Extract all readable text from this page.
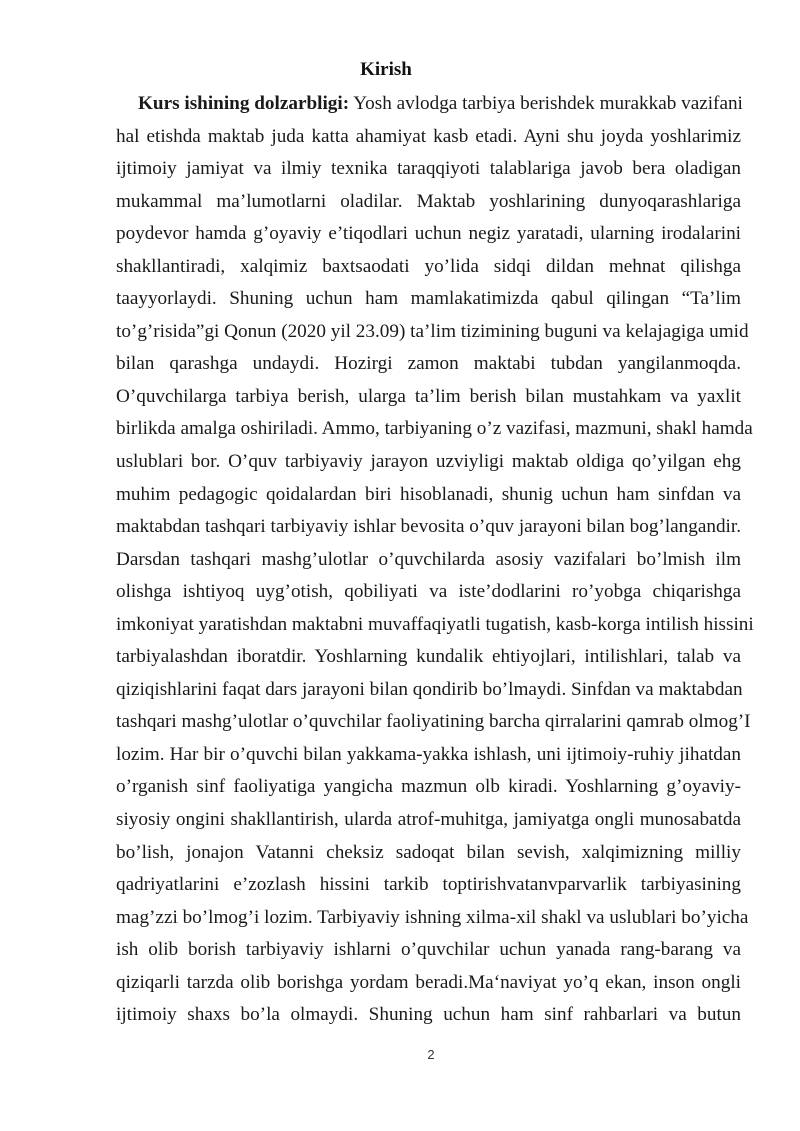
Kirish
Kurs ishining dolzarbligi: Yosh avlodga tarbiya berishdek murakkab vazifani
hal etishda maktab juda katta ahamiyat kasb etadi. Ayni shu joyda yoshlarimiz
ijtimoiy jamiyat va ilmiy texnika taraqqiyoti talablariga javob bera oladigan
mukammal ma’lumotlarni oladilar. Maktab yoshlarining dunyoqarashlariga
poydevor hamda g’oyaviy e’tiqodlari uchun negiz yaratadi, ularning irodalarini
shakllantiradi, xalqimiz baxtsaodati yo’lida sidqi dildan mehnat qilishga
taayyorlaydi. Shuning uchun ham mamlakatimizda qabul qilingan “Ta’lim
to’g’risida”gi Qonun (2020 yil 23.09) ta’lim tizimining buguni va kelajagiga umid
bilan qarashga undaydi. Hozirgi zamon maktabi tubdan yangilanmoqda.
O’quvchilarga tarbiya berish, ularga ta’lim berish bilan mustahkam va yaxlit
birlikda amalga oshiriladi. Ammo, tarbiyaning o’z vazifasi, mazmuni, shakl hamda
uslublari bor. O’quv tarbiyaviy jarayon uzviyligi maktab oldiga qo’yilgan ehg
muhim pedagogic qoidalardan biri hisoblanadi, shunig uchun ham sinfdan va
maktabdan tashqari tarbiyaviy ishlar bevosita o’quv jarayoni bilan bog’langandir.
Darsdan tashqari mashg’ulotlar o’quvchilarda asosiy vazifalari bo’lmish ilm
olishga ishtiyoq uyg’otish, qobiliyati va iste’dodlarini ro’yobga chiqarishga
imkoniyat yaratishdan maktabni muvaffaqiyatli tugatish, kasb-korga intilish hissini
tarbiyalashdan iboratdir. Yoshlarning kundalik ehtiyojlari, intilishlari, talab va
qiziqishlarini faqat dars jarayoni bilan qondirib bo’lmaydi. Sinfdan va maktabdan
tashqari mashg’ulotlar o’quvchilar faoliyatining barcha qirralarini qamrab olmog’I
lozim. Har bir o’quvchi bilan yakkama-yakka ishlash, uni ijtimoiy-ruhiy jihatdan
o’rganish sinf faoliyatiga yangicha mazmun olb kiradi. Yoshlarning g’oyaviy-
siyosiy ongini shakllantirish, ularda atrof-muhitga, jamiyatga ongli munosabatda
bo’lish, jonajon Vatanni cheksiz sadoqat bilan sevish, xalqimizning milliy
qadriyatlarini e’zozlash hissini tarkib toptirishvatanvparvarlik tarbiyasining
mag’zzi bo’lmog’i lozim. Tarbiyaviy ishning xilma-xil shakl va uslublari bo’yicha
ish olib borish tarbiyaviy ishlarni o’quvchilar uchun yanada rang-barang va
qiziqarli tarzda olib borishga yordam beradi.Ma‘naviyat yo’q ekan, inson ongli
ijtimoiy shaxs bo’la olmaydi. Shuning uchun ham sinf rahbarlari va butun
2
